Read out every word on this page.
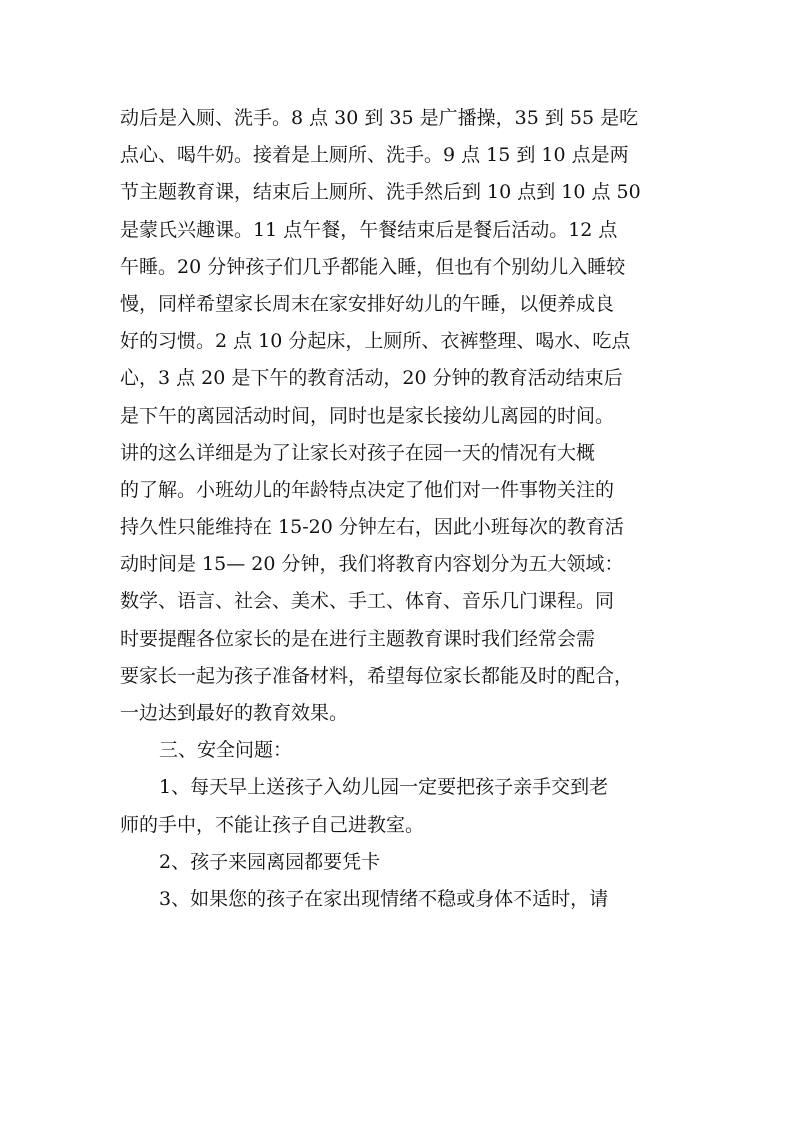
动后是入厕、洗手。8 点 30 到 35 是广播操，35 到 55 是吃
点心、喝牛奶。接着是上厕所、洗手。9 点 15 到 10 点是两
节主题教育课，结束后上厕所、洗手然后到 10 点到 10 点 50
是蒙氏兴趣课。11 点午餐，午餐结束后是餐后活动。12 点
午睡。20 分钟孩子们几乎都能入睡，但也有个别幼儿入睡较
慢，同样希望家长周末在家安排好幼儿的午睡，以便养成良
好的习惯。2 点 10 分起床，上厕所、衣裤整理、喝水、吃点
心，3 点 20 是下午的教育活动，20 分钟的教育活动结束后
是下午的离园活动时间，同时也是家长接幼儿离园的时间。
讲的这么详细是为了让家长对孩子在园一天的情况有大概
的了解。小班幼儿的年龄特点决定了他们对一件事物关注的
持久性只能维持在 15-20 分钟左右，因此小班每次的教育活
动时间是 15— 20 分钟，我们将教育内容划分为五大领域：
数学、语言、社会、美术、手工、体育、音乐几门课程。同
时要提醒各位家长的是在进行主题教育课时我们经常会需
要家长一起为孩子准备材料，希望每位家长都能及时的配合，
一边达到最好的教育效果。
三、安全问题：
1、每天早上送孩子入幼儿园一定要把孩子亲手交到老
师的手中，不能让孩子自己进教室。
2、孩子来园离园都要凭卡
3、如果您的孩子在家出现情绪不稳或身体不适时，请
